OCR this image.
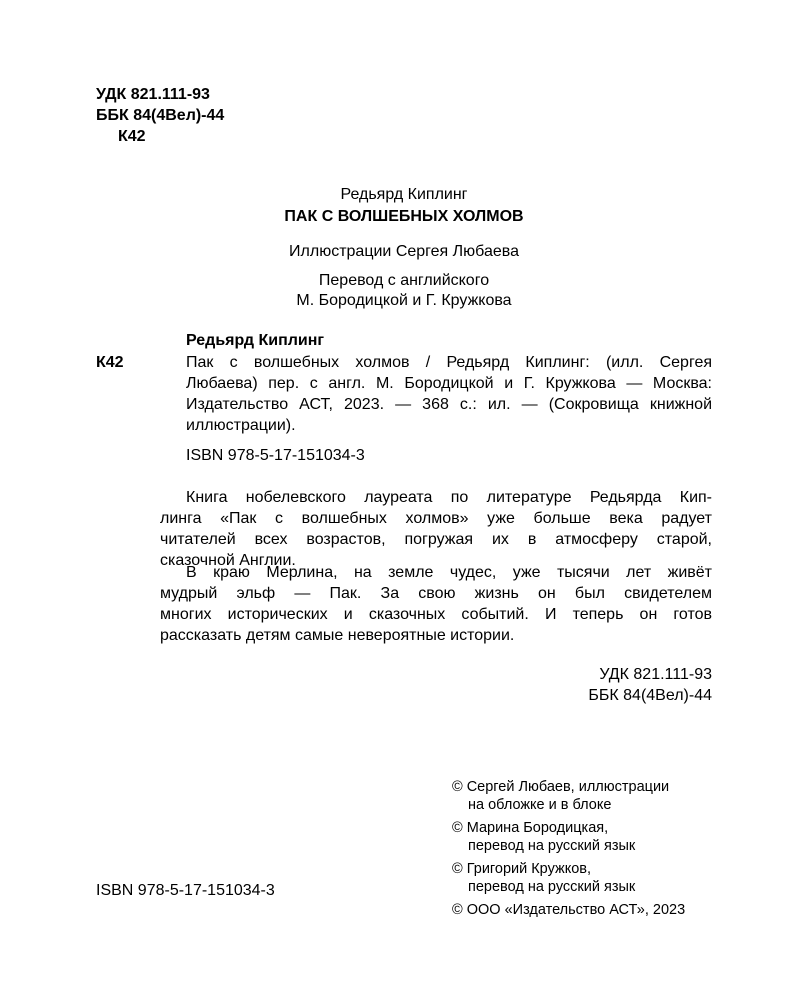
УДК 821.111-93
ББК 84(4Вел)-44
К42
Редьярд Киплинг
ПАК С ВОЛШЕБНЫХ ХОЛМОВ
Иллюстрации Сергея Любаева
Перевод с английского
М. Бородицкой и Г. Кружкова
Редьярд Киплинг
К42	Пак с волшебных холмов / Редьярд Киплинг: (илл. Сергея
Любаева) пер. с англ. М. Бородицкой и Г. Кружкова — Москва:
Издательство АСТ, 2023. — 368 с.: ил. — (Сокровища книжной
иллюстрации).
ISBN 978-5-17-151034-3
Книга нобелевского лауреата по литературе Редьярда Кип-
линга «Пак с волшебных холмов» уже больше века радует
читателей всех возрастов, погружая их в атмосферу старой,
сказочной Англии.
В краю Мерлина, на земле чудес, уже тысячи лет живёт
мудрый эльф — Пак. За свою жизнь он был свидетелем
многих исторических и сказочных событий. И теперь он готов
рассказать детям самые невероятные истории.
УДК 821.111-93
ББК 84(4Вел)-44
© Сергей Любаев, иллюстрации
на обложке и в блоке
© Марина Бородицкая,
перевод на русский язык
© Григорий Кружков,
перевод на русский язык
© ООО «Издательство АСТ», 2023
ISBN 978-5-17-151034-3
